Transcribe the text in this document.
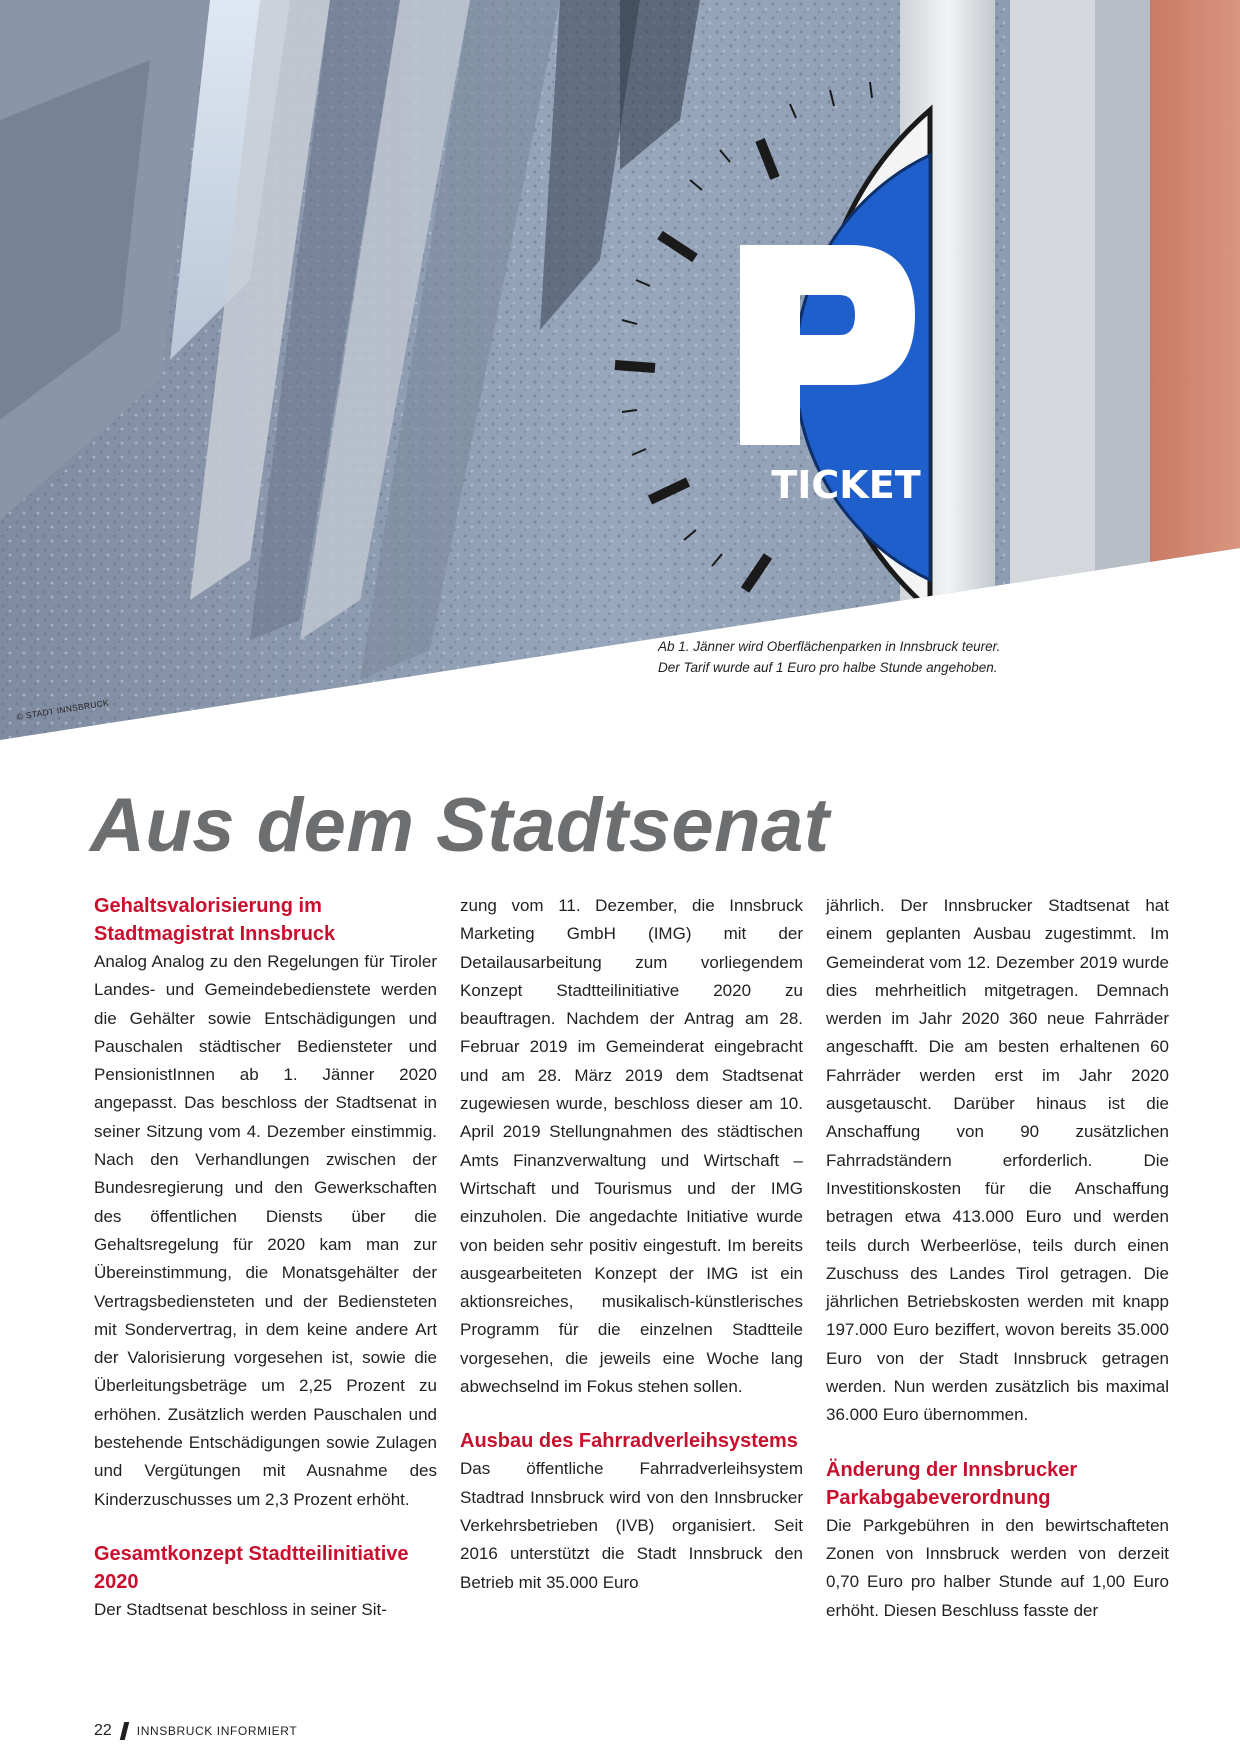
TICKET
Ab 1. Jänner wird Oberflächenparken in Innsbruck teurer.
Der Tarif wurde auf 1 Euro pro halbe Stunde angehoben.
© STADT INNSBRUCK
Aus dem Stadtsenat
Gehaltsvalorisierung im Stadtmagistrat Innsbruck

Analog Analog zu den Regelungen für Tiroler Landes- und Gemeindebedienstete werden die Gehälter sowie Entschädigungen und Pauschalen städtischer Bediensteter und PensionistInnen ab 1. Jänner 2020 angepasst. Das beschloss der Stadtsenat in seiner Sitzung vom 4. Dezember einstimmig. Nach den Verhandlungen zwischen der Bundesregierung und den Gewerkschaften des öffentlichen Diensts über die Gehaltsregelung für 2020 kam man zur Übereinstimmung, die Monatsgehälter der Vertragsbediensteten und der Bediensteten mit Sondervertrag, in dem keine andere Art der Valorisierung vorgesehen ist, sowie die Überleitungsbeträge um 2,25 Prozent zu erhöhen. Zusätzlich werden Pauschalen und bestehende Entschädigungen sowie Zulagen und Vergütungen mit Ausnahme des Kinderzuschusses um 2,3 Prozent erhöht.

Gesamtkonzept Stadtteilinitiative 2020

Der Stadtsenat beschloss in seiner Sit-

zung vom 11. Dezember, die Innsbruck Marketing GmbH (IMG) mit der Detailausarbeitung zum vorliegendem Konzept Stadtteilinitiative 2020 zu beauftragen. Nachdem der Antrag am 28. Februar 2019 im Gemeinderat eingebracht und am 28. März 2019 dem Stadtsenat zugewiesen wurde, beschloss dieser am 10. April 2019 Stellungnahmen des städtischen Amts Finanzverwaltung und Wirtschaft – Wirtschaft und Tourismus und der IMG einzuholen. Die angedachte Initiative wurde von beiden sehr positiv eingestuft. Im bereits ausgearbeiteten Konzept der IMG ist ein aktionsreiches, musikalisch-künstlerisches Programm für die einzelnen Stadtteile vorgesehen, die jeweils eine Woche lang abwechselnd im Fokus stehen sollen.

Ausbau des Fahrradverleihsystems

Das öffentliche Fahrradverleihsystem Stadtrad Innsbruck wird von den Innsbrucker Verkehrsbetrieben (IVB) organisiert. Seit 2016 unterstützt die Stadt Innsbruck den Betrieb mit 35.000 Euro

jährlich. Der Innsbrucker Stadtsenat hat einem geplanten Ausbau zugestimmt. Im Gemeinderat vom 12. Dezember 2019 wurde dies mehrheitlich mitgetragen. Demnach werden im Jahr 2020 360 neue Fahrräder angeschafft. Die am besten erhaltenen 60 Fahrräder werden erst im Jahr 2020 ausgetauscht. Darüber hinaus ist die Anschaffung von 90 zusätzlichen Fahrradständern erforderlich. Die Investitionskosten für die Anschaffung betragen etwa 413.000 Euro und werden teils durch Werbeerlöse, teils durch einen Zuschuss des Landes Tirol getragen. Die jährlichen Betriebskosten werden mit knapp 197.000 Euro beziffert, wovon bereits 35.000 Euro von der Stadt Innsbruck getragen werden. Nun werden zusätzlich bis maximal 36.000 Euro übernommen.

Änderung der Innsbrucker Parkabgabeverordnung

Die Parkgebühren in den bewirtschafteten Zonen von Innsbruck werden von derzeit 0,70 Euro pro halber Stunde auf 1,00 Euro erhöht. Diesen Beschluss fasste der

22 INNSBRUCK INFORMIERT
